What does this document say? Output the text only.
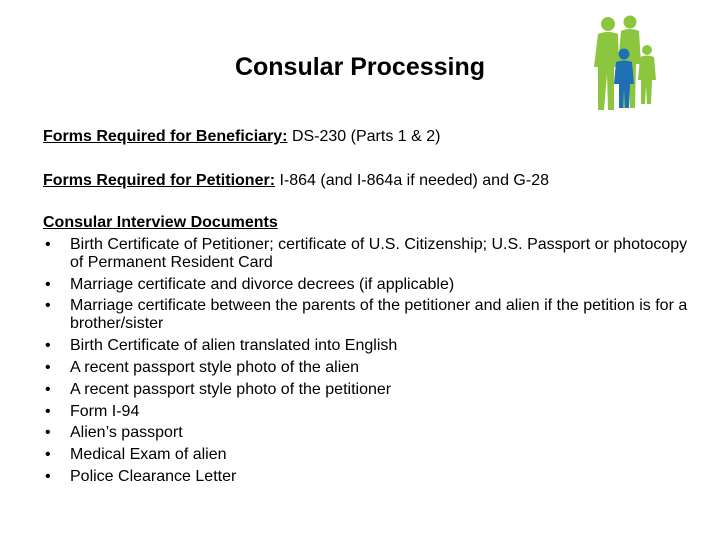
Consular Processing
Forms Required for Beneficiary: DS-230 (Parts 1 & 2)
Forms Required for Petitioner: I-864 (and I-864a if needed) and G-28
Consular Interview Documents
• Birth Certificate of Petitioner; certificate of U.S. Citizenship; U.S. Passport or photocopy of Permanent Resident Card
• Marriage certificate and divorce decrees (if applicable)
• Marriage certificate between the parents of the petitioner and alien if the petition is for a brother/sister
• Birth Certificate of alien translated into English
• A recent passport style photo of the alien
• A recent passport style photo of the petitioner
• Form I-94
• Alien’s passport
• Medical Exam of alien
• Police Clearance Letter
